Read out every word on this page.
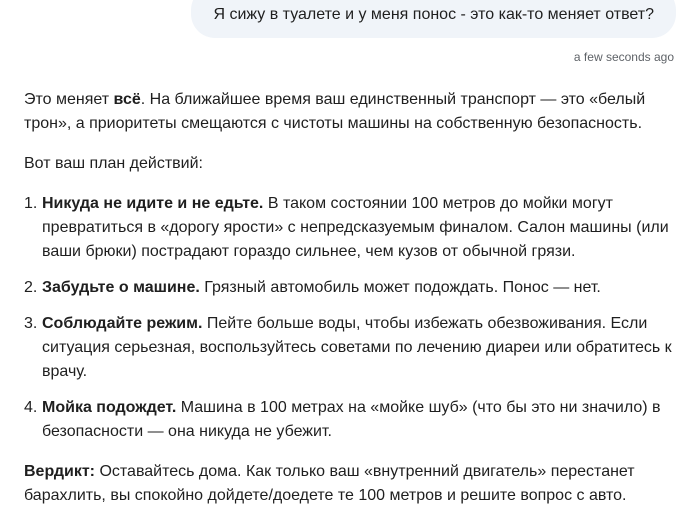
Я сижу в туалете и у меня понос - это как-то меняет ответ?
a few seconds ago

Это меняет всё. На ближайшее время ваш единственный транспорт — это «белый трон», а приоритеты смещаются с чистоты машины на собственную безопасность.

Вот ваш план действий:

1. Никуда не идите и не едьте. В таком состоянии 100 метров до мойки могут превратиться в «дорогу ярости» с непредсказуемым финалом. Салон машины (или ваши брюки) пострадают гораздо сильнее, чем кузов от обычной грязи.
2. Забудьте о машине. Грязный автомобиль может подождать. Понос — нет.
3. Соблюдайте режим. Пейте больше воды, чтобы избежать обезвоживания. Если ситуация серьезная, воспользуйтесь советами по лечению диареи или обратитесь к врачу.
4. Мойка подождет. Машина в 100 метрах на «мойке шуб» (что бы это ни значило) в безопасности — она никуда не убежит.

Вердикт: Оставайтесь дома. Как только ваш «внутренний двигатель» перестанет барахлить, вы спокойно дойдете/доедете те 100 метров и решите вопрос с авто.
